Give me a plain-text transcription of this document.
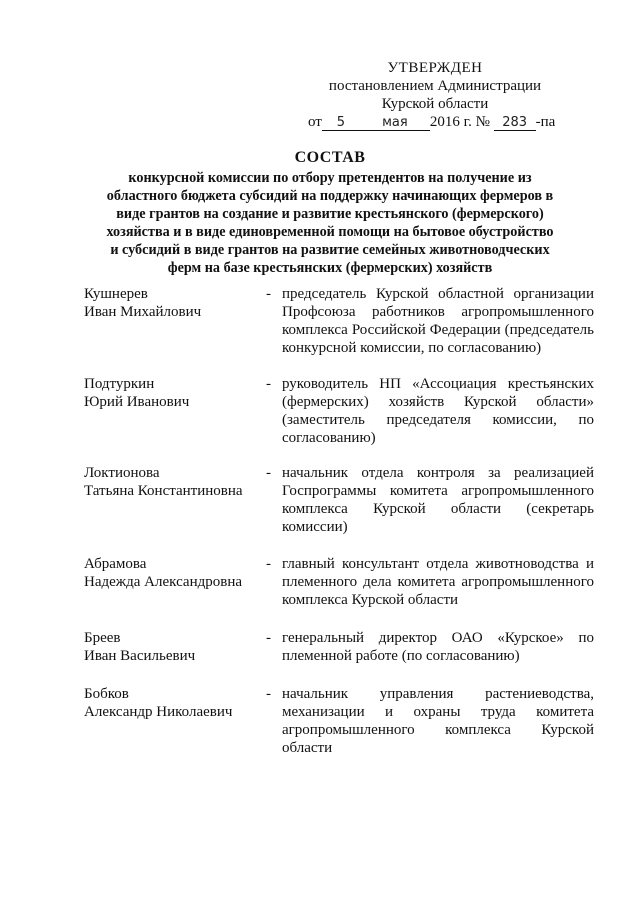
УТВЕРЖДЕН
постановлением Администрации
Курской области
от 5	мая 2016 г. № 283 -па
СОСТАВ
конкурсной комиссии по отбору претендентов на получение из
областного бюджета субсидий на поддержку начинающих фермеров в
виде грантов на создание и развитие крестьянского (фермерского)
хозяйства и в виде единовременной помощи на бытовое обустройство
и субсидий в виде грантов на развитие семейных животноводческих
ферм на базе крестьянских (фермерских) хозяйств
Кушнерев
Иван Михайлович
- председатель Курской областной организации Профсоюза работников агропромышленного комплекса Российской Федерации (председатель конкурсной комиссии, по согласованию)
Подтуркин
Юрий Иванович
- руководитель НП «Ассоциация крестьянских (фермерских) хозяйств Курской области» (заместитель председателя комиссии, по согласованию)
Локтионова
Татьяна Константиновна
- начальник отдела контроля за реализацией Госпрограммы комитета агропромышленного комплекса Курской области (секретарь комиссии)
Абрамова
Надежда Александровна
- главный консультант отдела животноводства и племенного дела комитета агропромышленного комплекса Курской области
Бреев
Иван Васильевич
- генеральный директор ОАО «Курское» по племенной работе (по согласованию)
Бобков
Александр Николаевич
- начальник управления растениеводства, механизации и охраны труда комитета агропромышленного комплекса Курской области
